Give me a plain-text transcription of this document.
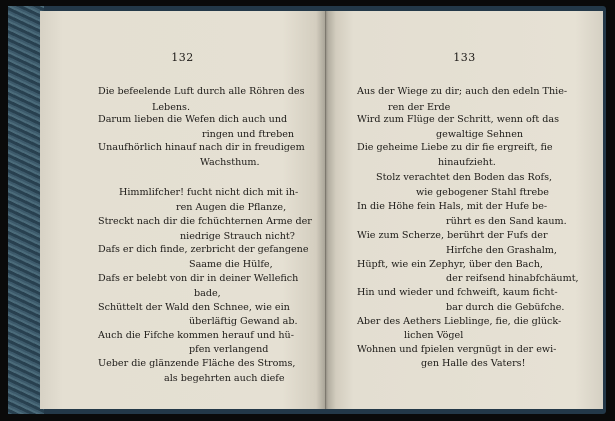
132
Die befeelende Luft durch alle Röhren des
Lebens.
Darum lieben die Wefen dich auch und
ringen und ftreben
Unaufhörlich hinauf nach dir in freudigem
Wachsthum.
Himmlifcher! fucht nicht dich mit ih-
ren Augen die Pflanze,
Streckt nach dir die fchüchternen Arme der
niedrige Strauch nicht?
Dafs er dich finde, zerbricht der gefangene
Saame die Hülfe,
Dafs er belebt von dir in deiner Wellefich
bade,
Schüttelt der Wald den Schnee, wie ein
überläftig Gewand ab.
Auch die Fifche kommen herauf und hü-
pfen verlangend
Ueber die glänzende Fläche des Stroms,
als begehrten auch diefe
133
Aus der Wiege zu dir; auch den edeln Thie-
ren der Erde
Wird zum Flüge der Schritt, wenn oft das
gewaltige Sehnen
Die geheime Liebe zu dir fie ergreift, fie
hinaufzieht.
Stolz verachtet den Boden das Rofs,
wie gebogener Stahl ftrebe
In die Höhe fein Hals, mit der Hufe be-
rührt es den Sand kaum.
Wie zum Scherze, berührt der Fufs der
Hirfche den Grashalm,
Hüpft, wie ein Zephyr, über den Bach,
der reifsend hinabfchäumt,
Hin und wieder und fchweift, kaum ficht-
bar durch die Gebüfche.
Aber des Aethers Lieblinge, fie, die glück-
lichen Vögel
Wohnen und fpielen vergnügt in der ewi-
gen Halle des Vaters!
